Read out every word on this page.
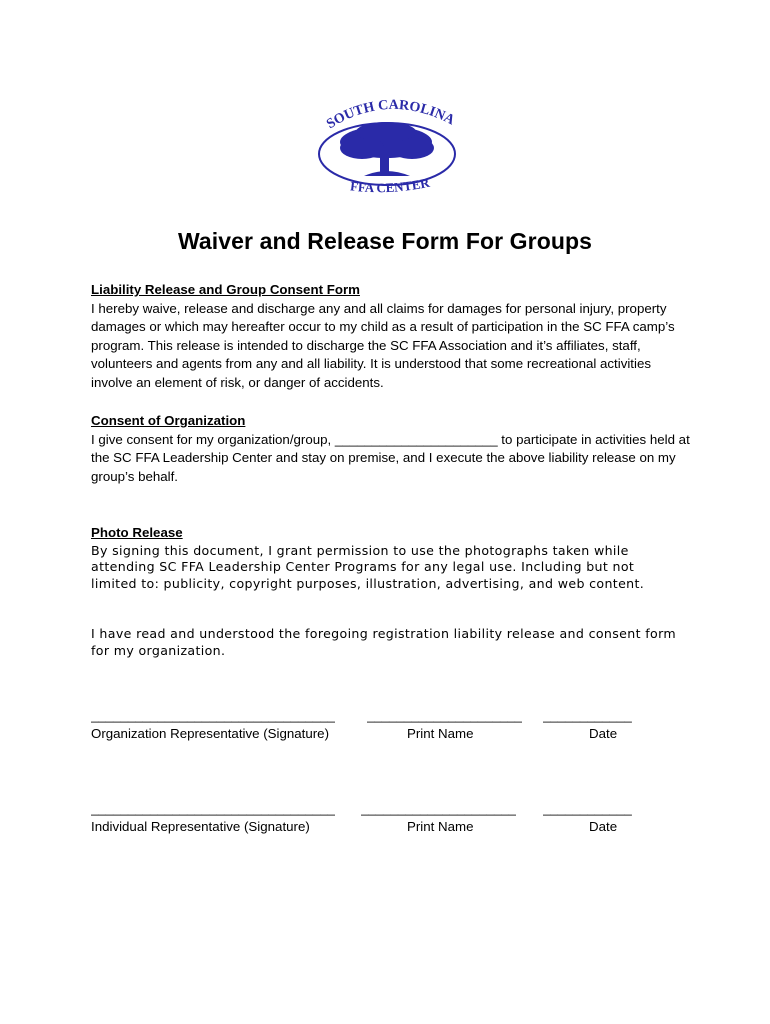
SOUTH CAROLINA
FFA CENTER
Waiver and Release Form For Groups
Liability Release and Group Consent Form

I hereby waive, release and discharge any and all claims for damages for personal injury, property damages or which may hereafter occur to my child as a result of participation in the SC FFA camp’s program. This release is intended to discharge the SC FFA Association and it’s affiliates, staff, volunteers and agents from any and all liability. It is understood that some recreational activities involve an element of risk, or danger of accidents.

Consent of Organization

I give consent for my organization/group, ______________________ to participate in activities held at the SC FFA Leadership Center and stay on premise, and I execute the above liability release on my group’s behalf.

Photo Release

By signing this document, I grant permission to use the photographs taken while attending SC FFA Leadership Center Programs for any legal use. Including but not limited to: publicity, copyright purposes, illustration, advertising, and web content.

I have read and understood the foregoing registration liability release and consent form for my organization.

_________________________________ _____________________ ____________
Organization Representative (Signature)	Print Name	Date
_________________________________ _____________________ ____________
Individual Representative (Signature)	Print Name	Date
